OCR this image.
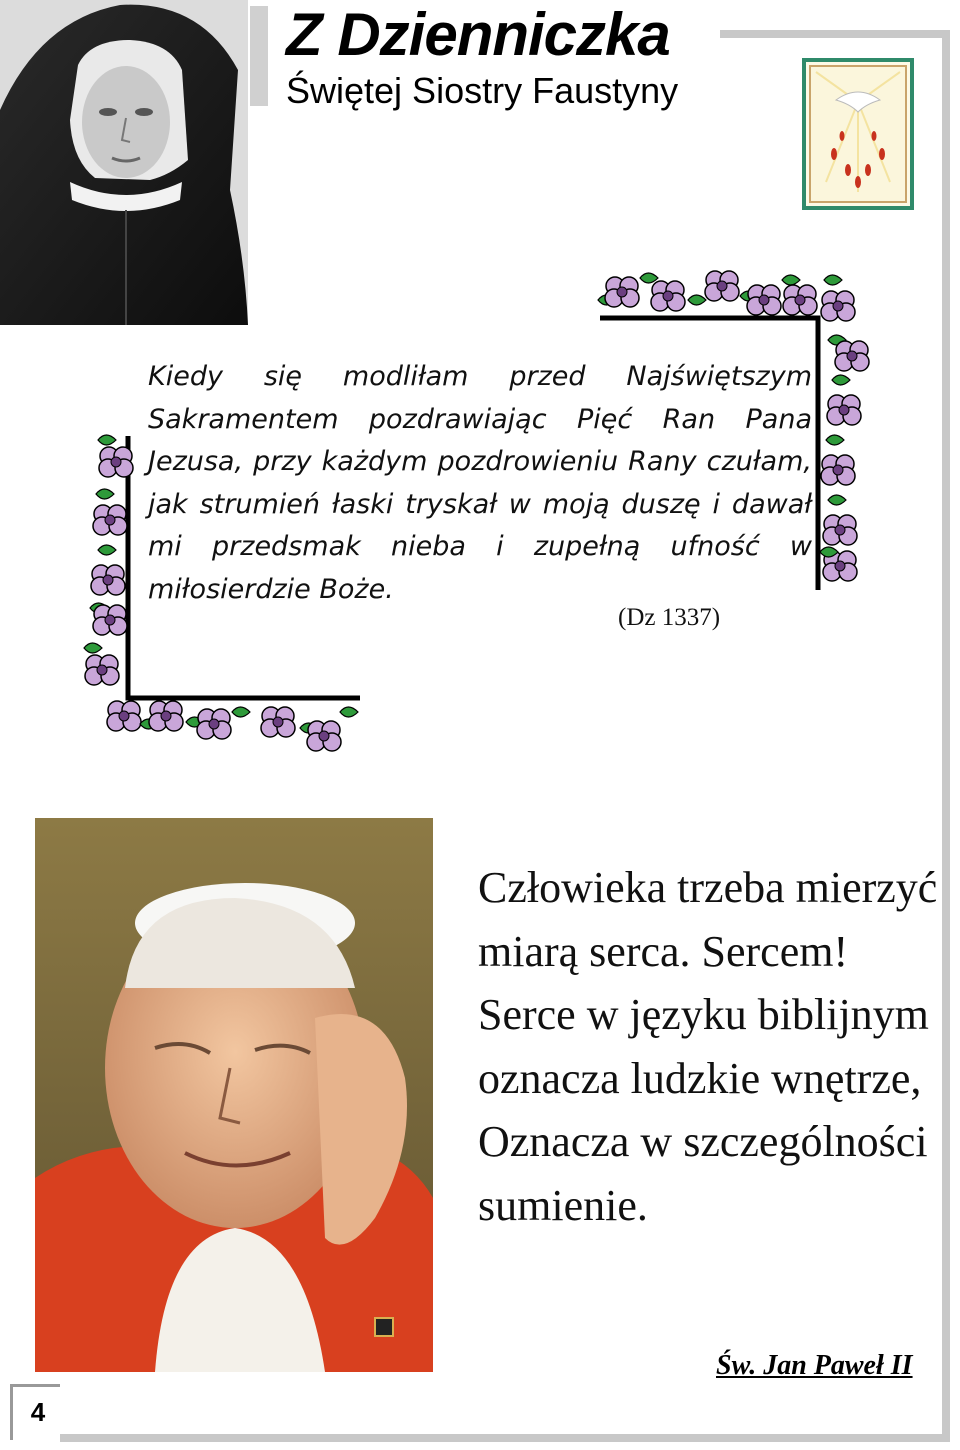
Z Dzienniczka
Świętej Siostry Faustyny
Kiedy się modliłam przed Najświętszym Sakramentem pozdrawiając Pięć Ran Pana Jezusa, przy każdym pozdrowieniu Rany czułam, jak strumień łaski tryskał w moją duszę i dawał mi przedsmak nieba i zupełną ufność w miłosierdzie Boże.
(Dz 1337)
Człowieka trzeba mierzyć
miarą serca. Sercem!
Serce w języku biblijnym
oznacza ludzkie wnętrze,
Oznacza w szczególności
sumienie.
Św. Jan Paweł II
4
